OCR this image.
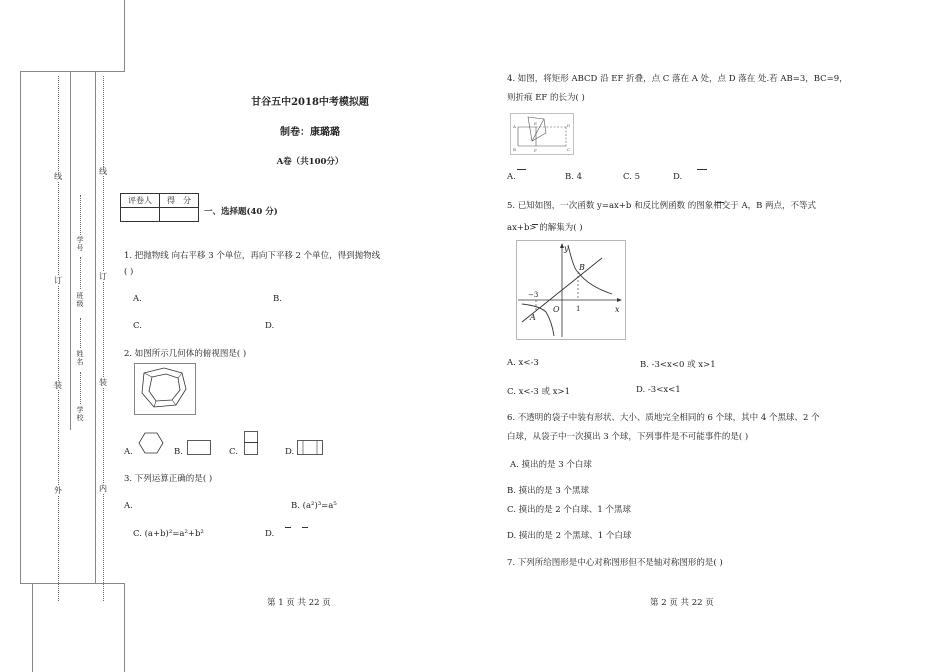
线
订
装
外
线
订
装
内
学号
班级
姓名
学校
甘谷五中2018中考模拟题
制卷：康璐璐
A卷（共100分）
评卷人	得　分

一、选择题(40 分)
1. 把抛物线 向右平移 3 个单位，再向下平移 2 个单位，得到抛物线
( )
A.	B.
C.	D.
2. 如图所示几何体的俯视图是( )
A.	B.	C.	D.
3. 下列运算正确的是( )
A.	B. (a²)³=a⁵
C. (a+b)²=a²+b²	D.
第 1 页 共 22 页
4. 如图，将矩形 ABCD 沿 EF 折叠，点 C 落在 A 处，点 D 落在 处.若 AB=3，BC=9，
则折痕 EF 的长为( )
A
B	C
D
E
F
A.	B. 4	C. 5	D.
5. 已知如图，一次函数 y=ax+b 和反比例函数 的图象相交于 A，B 两点，不等式
ax+b> 的解集为( )
y
x
O
B
A
−3
1
A. x<-3	B. -3<x<0 或 x>1
C. x<-3 或 x>1	D. -3<x<1
6. 不透明的袋子中装有形状、大小、质地完全相同的 6 个球，其中 4 个黑球、2 个
白球，从袋子中一次摸出 3 个球，下列事件是不可能事件的是( )
A. 摸出的是 3 个白球
B. 摸出的是 3 个黑球
C. 摸出的是 2 个白球、1 个黑球
D. 摸出的是 2 个黑球、1 个白球
7. 下列所给图形是中心对称图形但不是轴对称图形的是( )
第 2 页 共 22 页
